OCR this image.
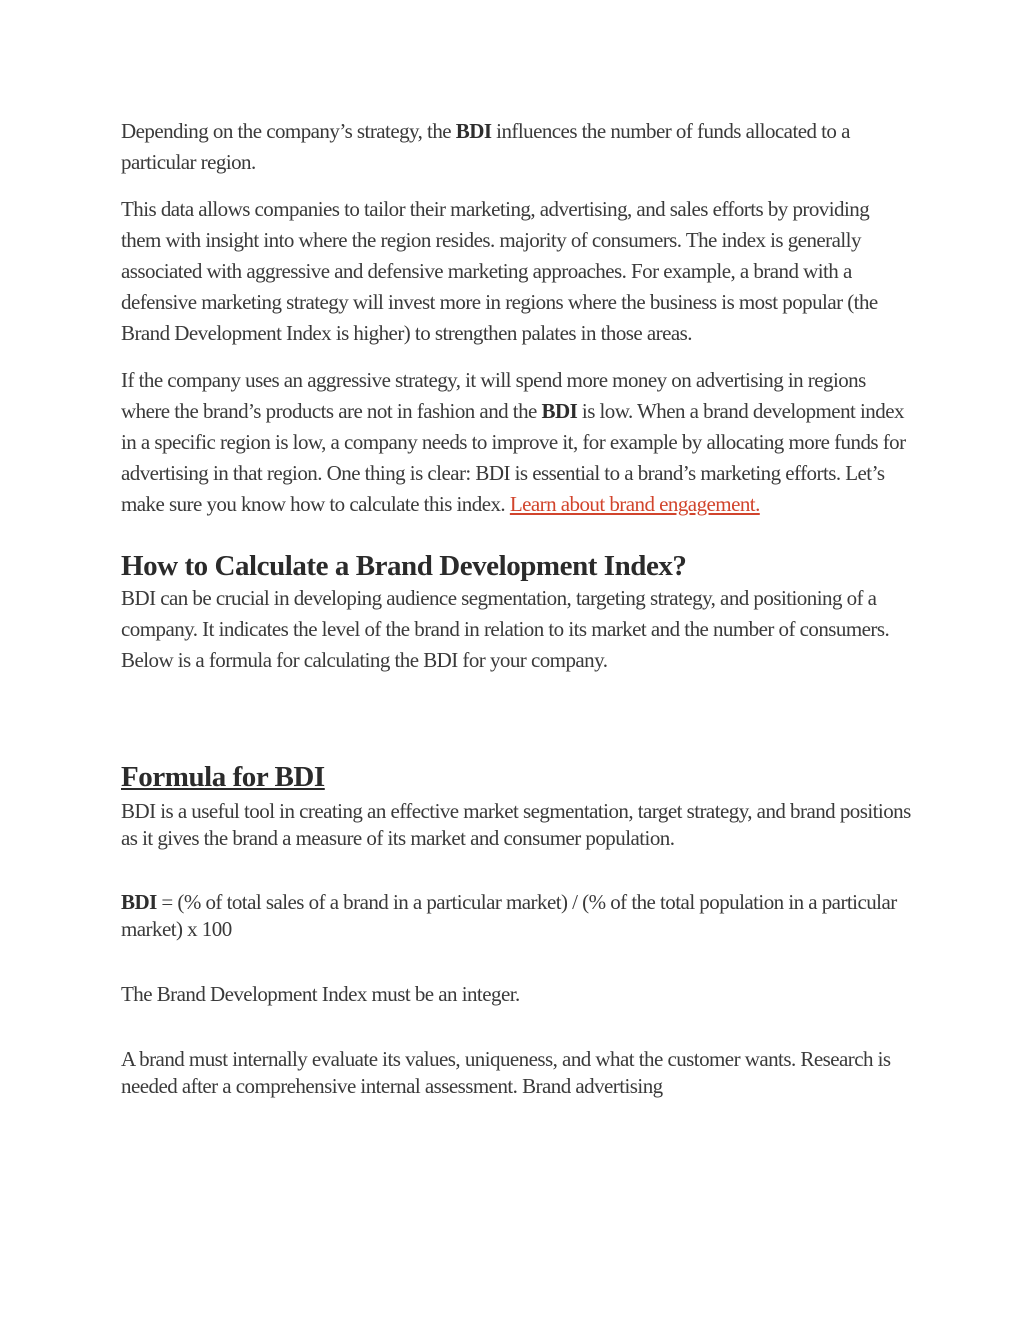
Depending on the company’s strategy, the BDI influences the number of funds allocated to a particular region.

This data allows companies to tailor their marketing, advertising, and sales efforts by providing them with insight into where the region resides. majority of consumers. The index is generally associated with aggressive and defensive marketing approaches. For example, a brand with a defensive marketing strategy will invest more in regions where the business is most popular (the Brand Development Index is higher) to strengthen palates in those areas.

If the company uses an aggressive strategy, it will spend more money on advertising in regions where the brand’s products are not in fashion and the BDI is low. When a brand development index in a specific region is low, a company needs to improve it, for example by allocating more funds for advertising in that region. One thing is clear: BDI is essential to a brand’s marketing efforts. Let’s make sure you know how to calculate this index. Learn about brand engagement.

How to Calculate a Brand Development Index?

BDI can be crucial in developing audience segmentation, targeting strategy, and positioning of a company. It indicates the level of the brand in relation to its market and the number of consumers. Below is a formula for calculating the BDI for your company.

Formula for BDI

BDI is a useful tool in creating an effective market segmentation, target strategy, and brand positions as it gives the brand a measure of its market and consumer population.

BDI = (% of total sales of a brand in a particular market) / (% of the total population in a particular market) x 100

The Brand Development Index must be an integer.

A brand must internally evaluate its values, uniqueness, and what the customer wants. Research is needed after a comprehensive internal assessment. Brand advertising
